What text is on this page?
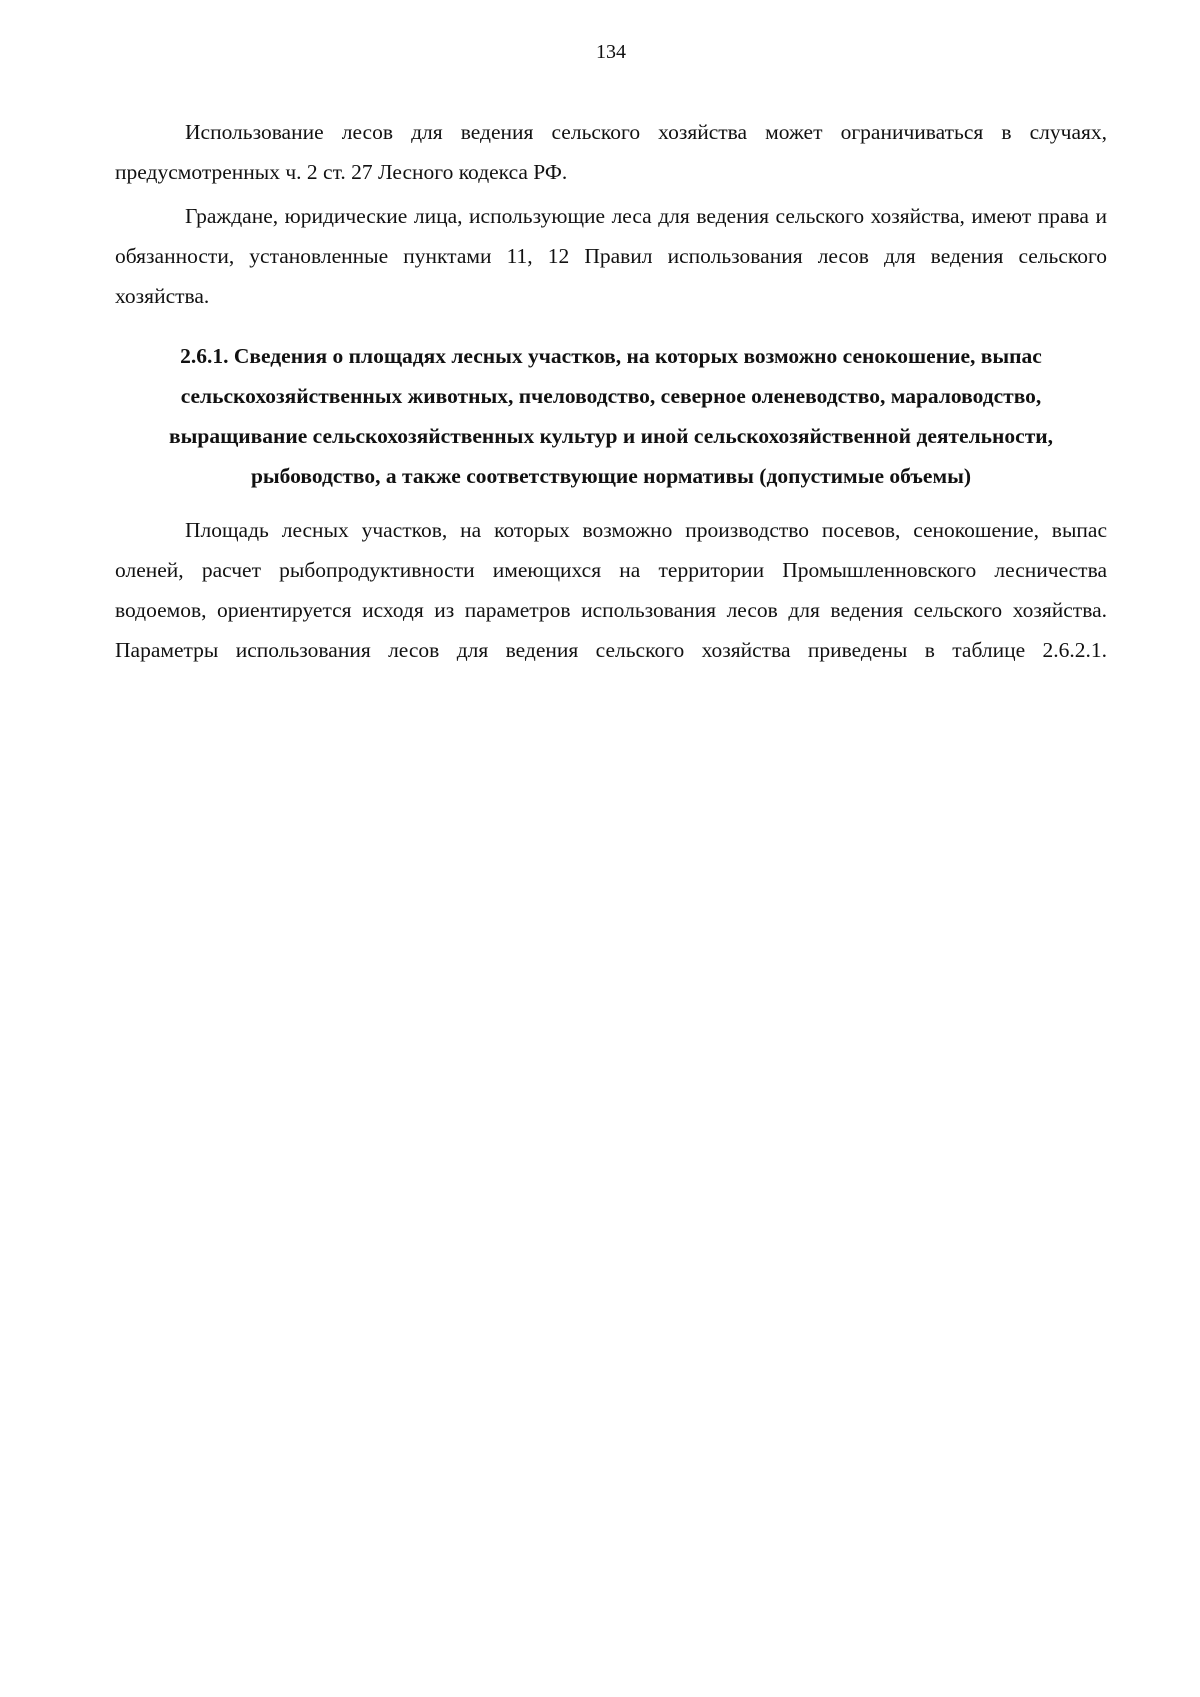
134

Использование лесов для ведения сельского хозяйства может ограничиваться в случаях, предусмотренных ч. 2 ст. 27 Лесного кодекса РФ.

Граждане, юридические лица, использующие леса для ведения сельского хозяйства, имеют права и обязанности, установленные пунктами 11, 12 Правил использования лесов для ведения сельского хозяйства.

2.6.1. Сведения о площадях лесных участков, на которых возможно сенокошение, выпас сельскохозяйственных животных, пчеловодство, северное оленеводство, мараловодство, выращивание сельскохозяйственных культур и иной сельскохозяйственной деятельности, рыбоводство, а также соответствующие нормативы (допустимые объемы)

Площадь лесных участков, на которых возможно производство посевов, сенокошение, выпас оленей, расчет рыбопродуктивности имеющихся на территории Промышленновского лесничества водоемов, ориентируется исходя из параметров использования лесов для ведения сельского хозяйства. Параметры использования лесов для ведения сельского хозяйства приведены в таблице 2.6.2.1.
